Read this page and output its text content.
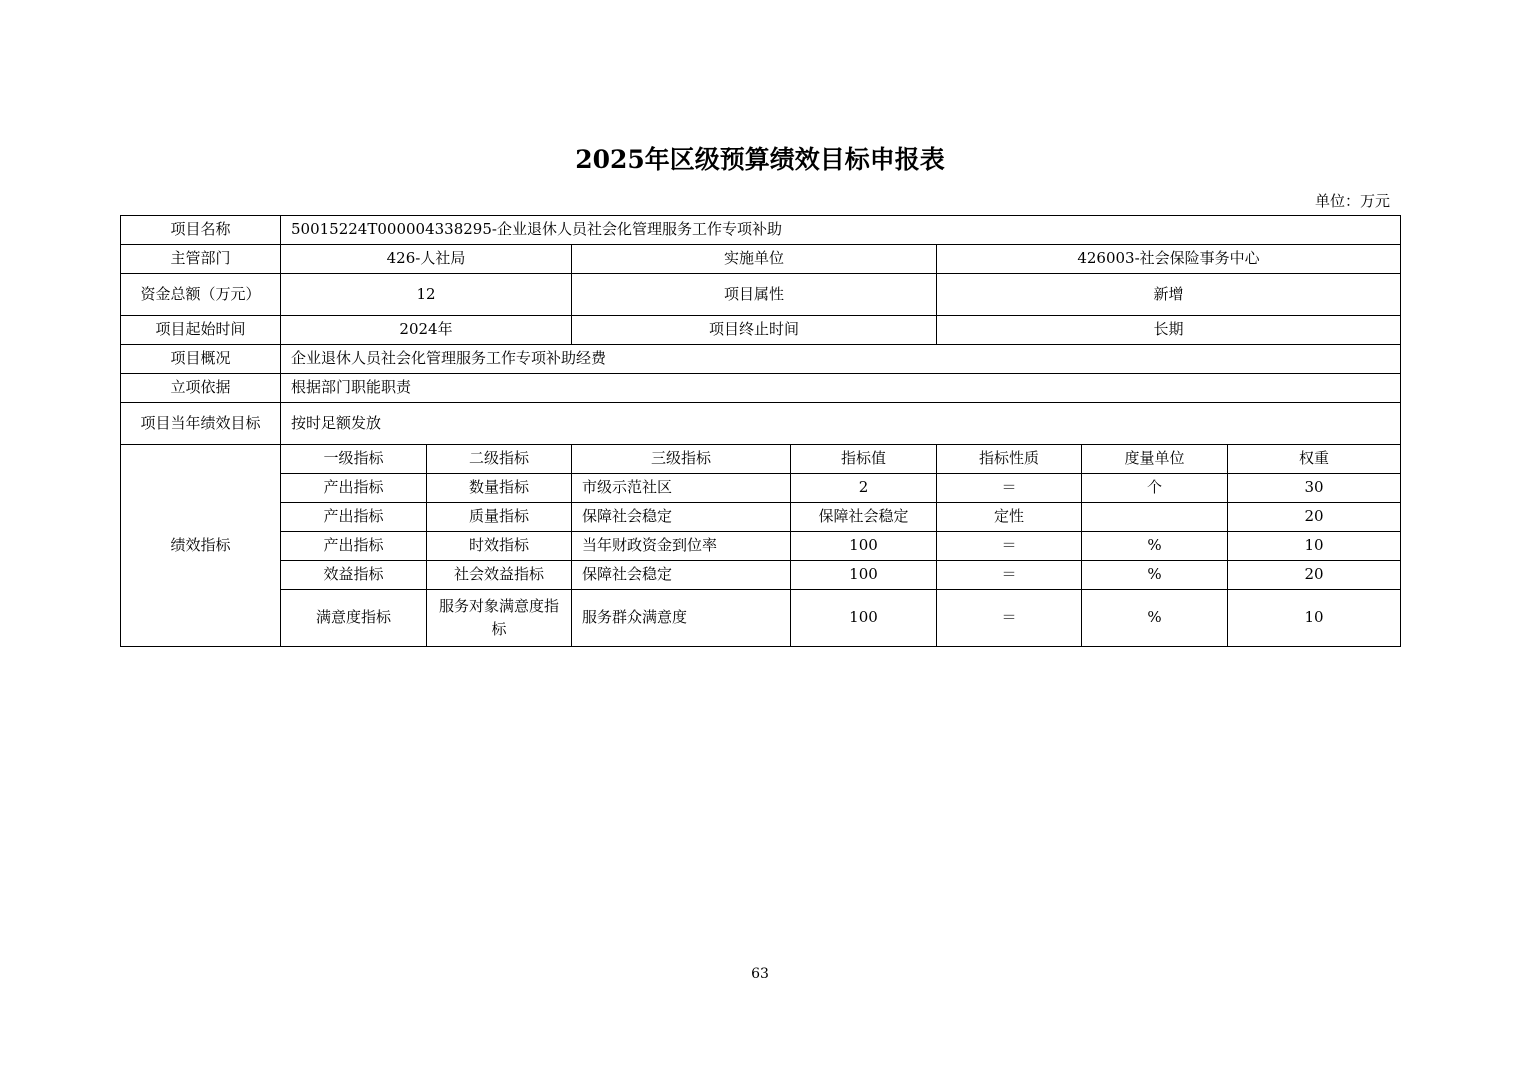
2025年区级预算绩效目标申报表
单位：万元
项目名称	50015224T000004338295-企业退休人员社会化管理服务工作专项补助						
主管部门	426-人社局		实施单位		426003-社会保险事务中心		
资金总额（万元）	12		项目属性		新增		
项目起始时间	2024年		项目终止时间		长期		
项目概况	企业退休人员社会化管理服务工作专项补助经费						
立项依据	根据部门职能职责						
项目当年绩效目标	按时足额发放						
绩效指标	一级指标	二级指标	三级指标	指标值	指标性质	度量单位	权重
	产出指标	数量指标	市级示范社区	2	＝	个	30
	产出指标	质量指标	保障社会稳定	保障社会稳定	定性		20
	产出指标	时效指标	当年财政资金到位率	100	＝	%	10
	效益指标	社会效益指标	保障社会稳定	100	＝	%	20
	满意度指标	服务对象满意度指标	服务群众满意度	100	＝	%	10
63
